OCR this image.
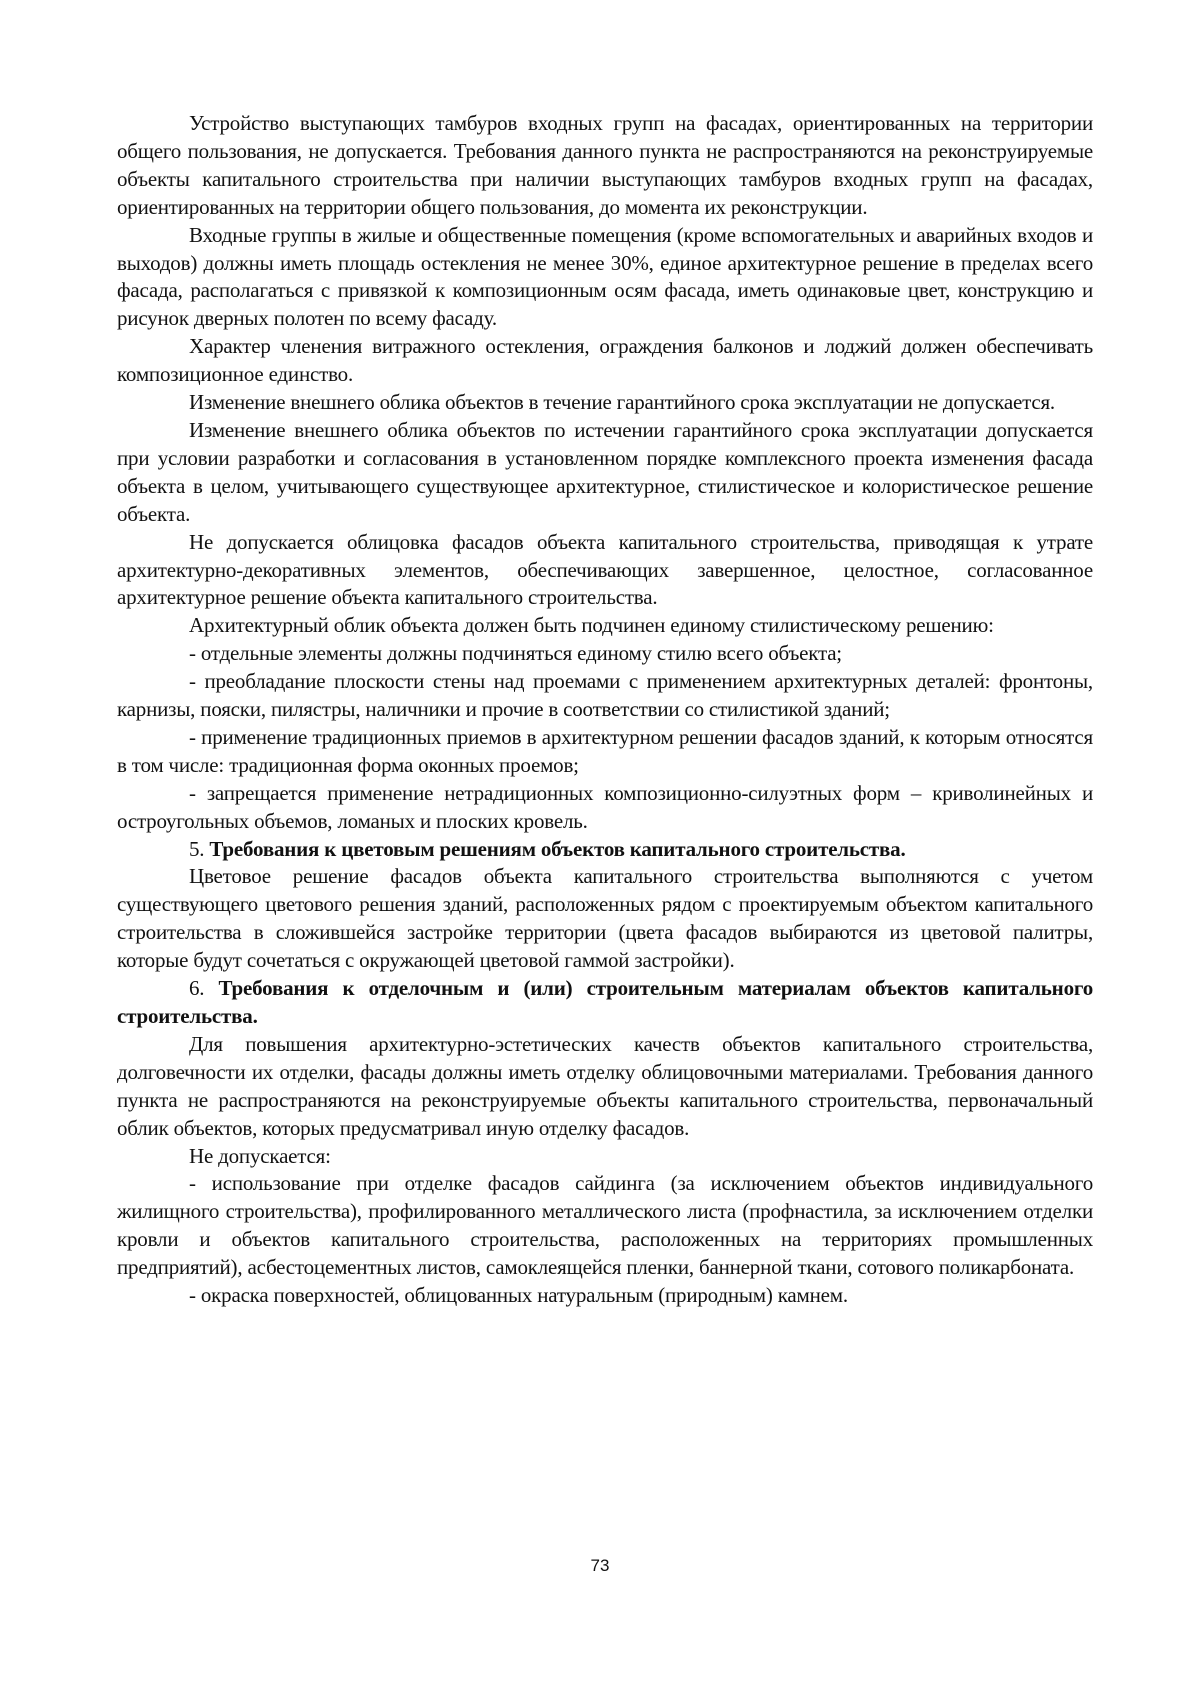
Устройство выступающих тамбуров входных групп на фасадах, ориентированных на территории общего пользования, не допускается. Требования данного пункта не распространяются на реконструируемые объекты капитального строительства при наличии выступающих тамбуров входных групп на фасадах, ориентированных на территории общего пользования, до момента их реконструкции.

Входные группы в жилые и общественные помещения (кроме вспомогательных и аварийных входов и выходов) должны иметь площадь остекления не менее 30%, единое архитектурное решение в пределах всего фасада, располагаться с привязкой к композиционным осям фасада, иметь одинаковые цвет, конструкцию и рисунок дверных полотен по всему фасаду.

Характер членения витражного остекления, ограждения балконов и лоджий должен обеспечивать композиционное единство.

Изменение внешнего облика объектов в течение гарантийного срока эксплуатации не допускается.

Изменение внешнего облика объектов по истечении гарантийного срока эксплуатации допускается при условии разработки и согласования в установленном порядке комплексного проекта изменения фасада объекта в целом, учитывающего существующее архитектурное, стилистическое и колористическое решение объекта.

Не допускается облицовка фасадов объекта капитального строительства, приводящая к утрате архитектурно-декоративных элементов, обеспечивающих завершенное, целостное, согласованное архитектурное решение объекта капитального строительства.

Архитектурный облик объекта должен быть подчинен единому стилистическому решению:

- отдельные элементы должны подчиняться единому стилю всего объекта;

- преобладание плоскости стены над проемами с применением архитектурных деталей: фронтоны, карнизы, пояски, пилястры, наличники и прочие в соответствии со стилистикой зданий;

- применение традиционных приемов в архитектурном решении фасадов зданий, к которым относятся в том числе: традиционная форма оконных проемов;

- запрещается применение нетрадиционных композиционно-силуэтных форм – криволинейных и остроугольных объемов, ломаных и плоских кровель.

5. Требования к цветовым решениям объектов капитального строительства.

Цветовое решение фасадов объекта капитального строительства выполняются с учетом существующего цветового решения зданий, расположенных рядом с проектируемым объектом капитального строительства в сложившейся застройке территории (цвета фасадов выбираются из цветовой палитры, которые будут сочетаться с окружающей цветовой гаммой застройки).

6. Требования к отделочным и (или) строительным материалам объектов капитального строительства.

Для повышения архитектурно-эстетических качеств объектов капитального строительства, долговечности их отделки, фасады должны иметь отделку облицовочными материалами. Требования данного пункта не распространяются на реконструируемые объекты капитального строительства, первоначальный облик объектов, которых предусматривал иную отделку фасадов.

Не допускается:

- использование при отделке фасадов сайдинга (за исключением объектов индивидуального жилищного строительства), профилированного металлического листа (профнастила, за исключением отделки кровли и объектов капитального строительства, расположенных на территориях промышленных предприятий), асбестоцементных листов, самоклеящейся пленки, баннерной ткани, сотового поликарбоната.

- окраска поверхностей, облицованных натуральным (природным) камнем.

73
